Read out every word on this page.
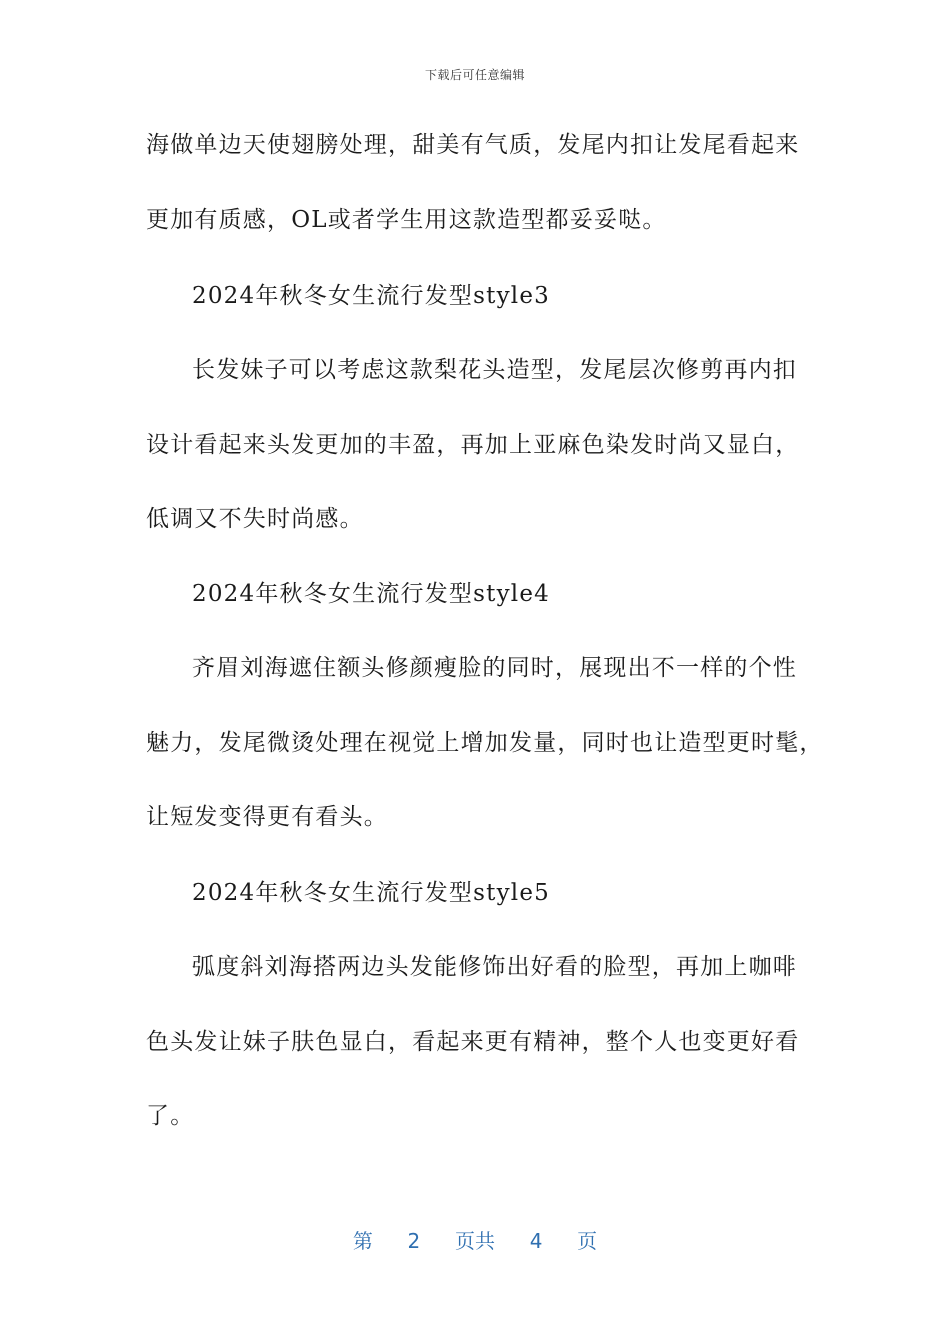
下载后可任意编辑
海做单边天使翅膀处理，甜美有气质，发尾内扣让发尾看起来
更加有质感，OL或者学生用这款造型都妥妥哒。
2024年秋冬女生流行发型style3
长发妹子可以考虑这款梨花头造型，发尾层次修剪再内扣
设计看起来头发更加的丰盈，再加上亚麻色染发时尚又显白，
低调又不失时尚感。
2024年秋冬女生流行发型style4
齐眉刘海遮住额头修颜瘦脸的同时，展现出不一样的个性
魅力，发尾微烫处理在视觉上增加发量，同时也让造型更时髦，
让短发变得更有看头。
2024年秋冬女生流行发型style5
弧度斜刘海搭两边头发能修饰出好看的脸型，再加上咖啡
色头发让妹子肤色显白，看起来更有精神，整个人也变更好看
了。
第 2 页共 4 页
